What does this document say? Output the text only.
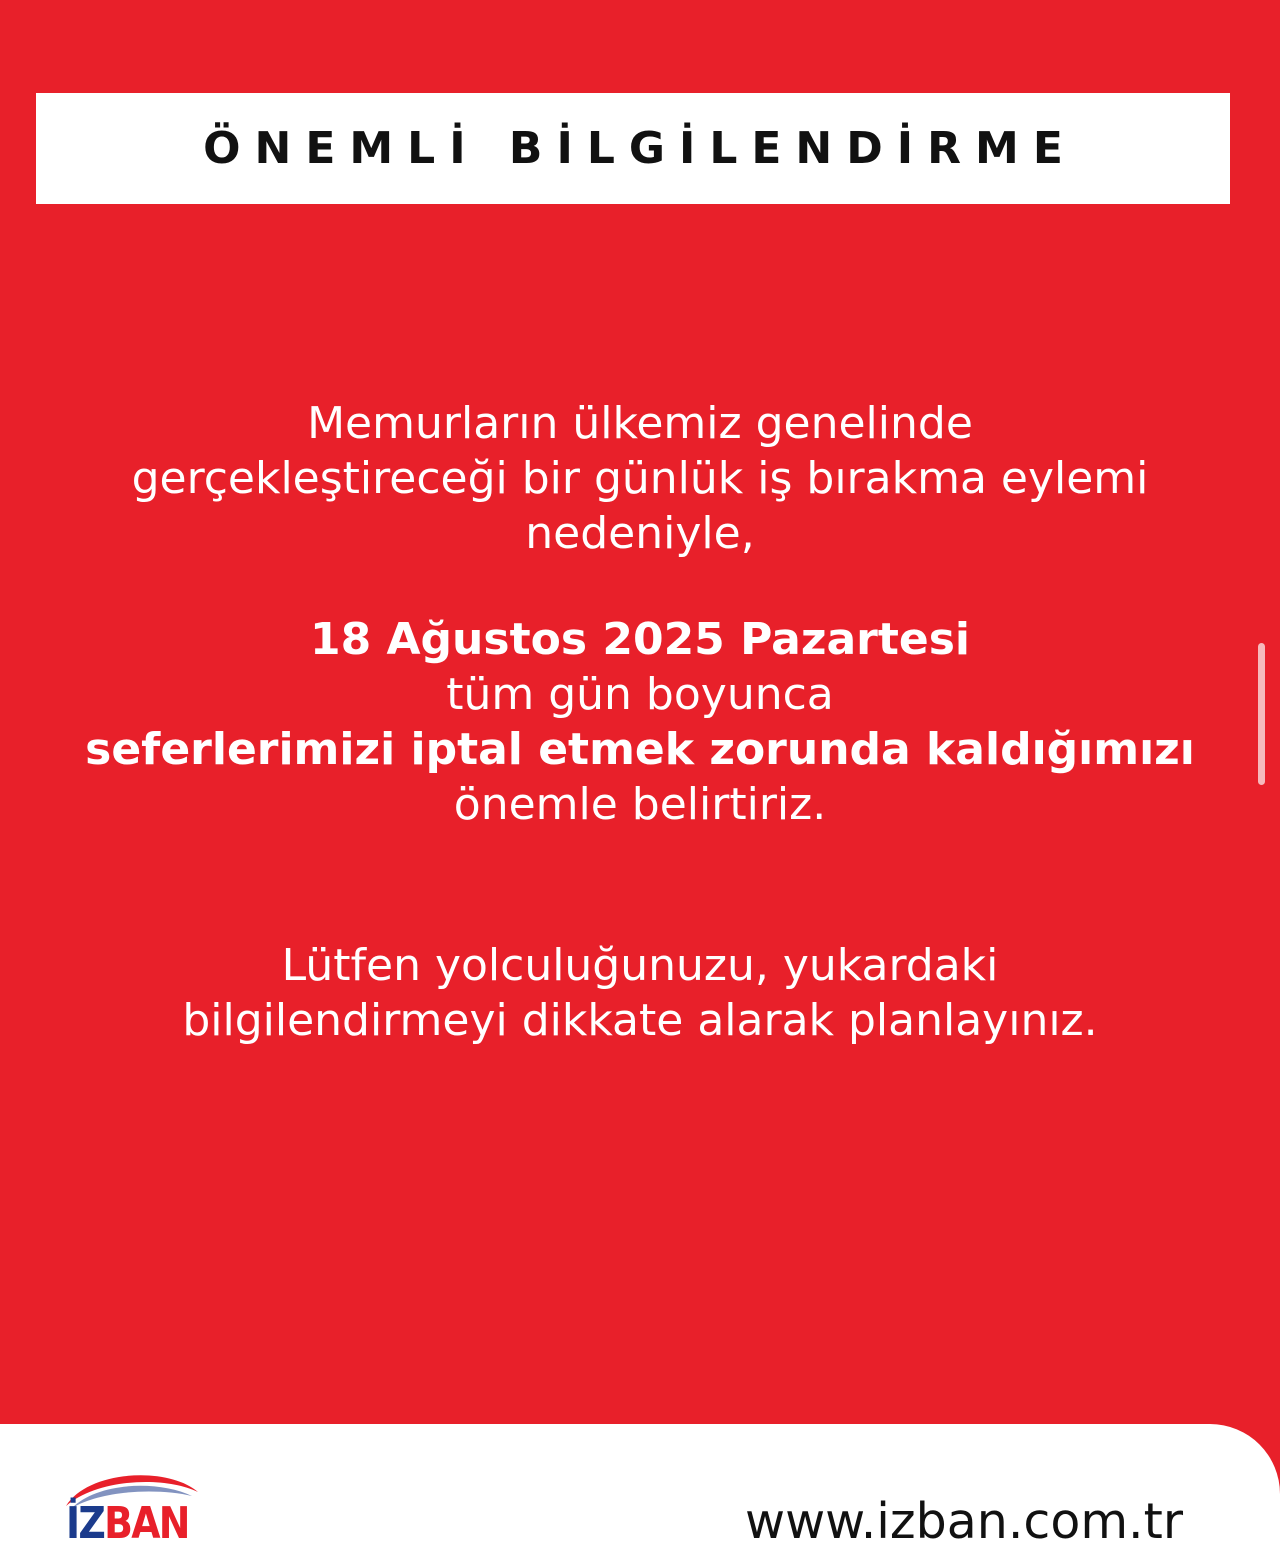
ÖNEMLİ BİLGİLENDİRME
Memurların ülkemiz genelinde
gerçekleştireceği bir günlük iş bırakma eylemi
nedeniyle,
18 Ağustos 2025 Pazartesi
tüm gün boyunca
seferlerimizi iptal etmek zorunda kaldığımızı
önemle belirtiriz.
Lütfen yolculuğunuzu, yukardaki
bilgilendirmeyi dikkate alarak planlayınız.
İZBAN	www.izban.com.tr
